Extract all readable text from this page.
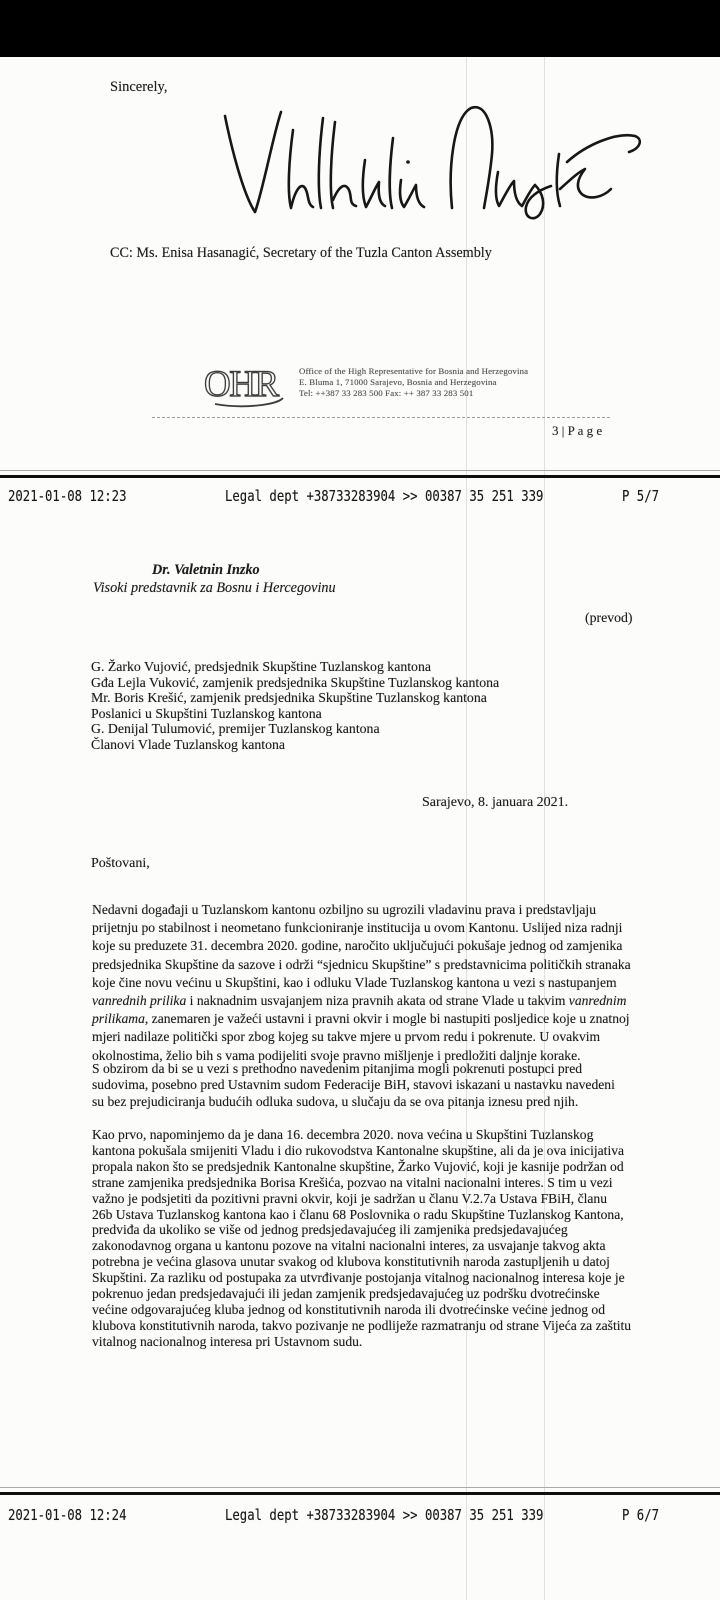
Sincerely,
CC: Ms. Enisa Hasanagić, Secretary of the Tuzla Canton Assembly
OHR Office of the High Representative for Bosnia and Herzegovina
E. Bluma 1, 71000 Sarajevo, Bosnia and Herzegovina
Tel: ++387 33 283 500 Fax: ++ 387 33 283 501
3 | P a g e
2021-01-08 12:23	Legal dept +38733283904 >> 00387 35 251 339	P 5/7
Dr. Valetnin Inzko
Visoki predstavnik za Bosnu i Hercegovinu
(prevod)
G. Žarko Vujović, predsjednik Skupštine Tuzlanskog kantona
Gđa Lejla Vuković, zamjenik predsjednika Skupštine Tuzlanskog kantona
Mr. Boris Krešić, zamjenik predsjednika Skupštine Tuzlanskog kantona
Poslanici u Skupštini Tuzlanskog kantona
G. Denijal Tulumović, premijer Tuzlanskog kantona
Članovi Vlade Tuzlanskog kantona
Sarajevo, 8. januara 2021.
Poštovani,
Nedavni događaji u Tuzlanskom kantonu ozbiljno su ugrozili vladavinu prava i predstavljaju
prijetnju po stabilnost i neometano funkcioniranje institucija u ovom Kantonu. Uslijed niza radnji
koje su preduzete 31. decembra 2020. godine, naročito uključujući pokušaje jednog od zamjenika
predsjednika Skupštine da sazove i održi “sjednicu Skupštine” s predstavnicima političkih stranaka
koje čine novu većinu u Skupštini, kao i odluku Vlade Tuzlanskog kantona u vezi s nastupanjem
vanrednih prilika i naknadnim usvajanjem niza pravnih akata od strane Vlade u takvim vanrednim
prilikama, zanemaren je važeći ustavni i pravni okvir i mogle bi nastupiti posljedice koje u znatnoj
mjeri nadilaze politički spor zbog kojeg su takve mjere u prvom redu i pokrenute. U ovakvim
okolnostima, želio bih s vama podijeliti svoje pravno mišljenje i predložiti daljnje korake.
S obzirom da bi se u vezi s prethodno navedenim pitanjima mogli pokrenuti postupci pred
sudovima, posebno pred Ustavnim sudom Federacije BiH, stavovi iskazani u nastavku navedeni
su bez prejudiciranja budućih odluka sudova, u slučaju da se ova pitanja iznesu pred njih.
Kao prvo, napominjemo da je dana 16. decembra 2020. nova većina u Skupštini Tuzlanskog
kantona pokušala smijeniti Vladu i dio rukovodstva Kantonalne skupštine, ali da je ova inicijativa
propala nakon što se predsjednik Kantonalne skupštine, Žarko Vujović, koji je kasnije podržan od
strane zamjenika predsjednika Borisa Krešića, pozvao na vitalni nacionalni interes. S tim u vezi
važno je podsjetiti da pozitivni pravni okvir, koji je sadržan u članu V.2.7a Ustava FBiH, članu
26b Ustava Tuzlanskog kantona kao i članu 68 Poslovnika o radu Skupštine Tuzlanskog Kantona,
predviđa da ukoliko se više od jednog predsjedavajućeg ili zamjenika predsjedavajućeg
zakonodavnog organa u kantonu pozove na vitalni nacionalni interes, za usvajanje takvog akta
potrebna je većina glasova unutar svakog od klubova konstitutivnih naroda zastupljenih u datoj
Skupštini. Za razliku od postupaka za utvrđivanje postojanja vitalnog nacionalnog interesa koje je
pokrenuo jedan predsjedavajući ili jedan zamjenik predsjedavajućeg uz podršku dvotrećinske
većine odgovarajućeg kluba jednog od konstitutivnih naroda ili dvotrećinske većine jednog od
klubova konstitutivnih naroda, takvo pozivanje ne podliježe razmatranju od strane Vijeća za zaštitu
vitalnog nacionalnog interesa pri Ustavnom sudu.
2021-01-08 12:24	Legal dept +38733283904 >> 00387 35 251 339	P 6/7
